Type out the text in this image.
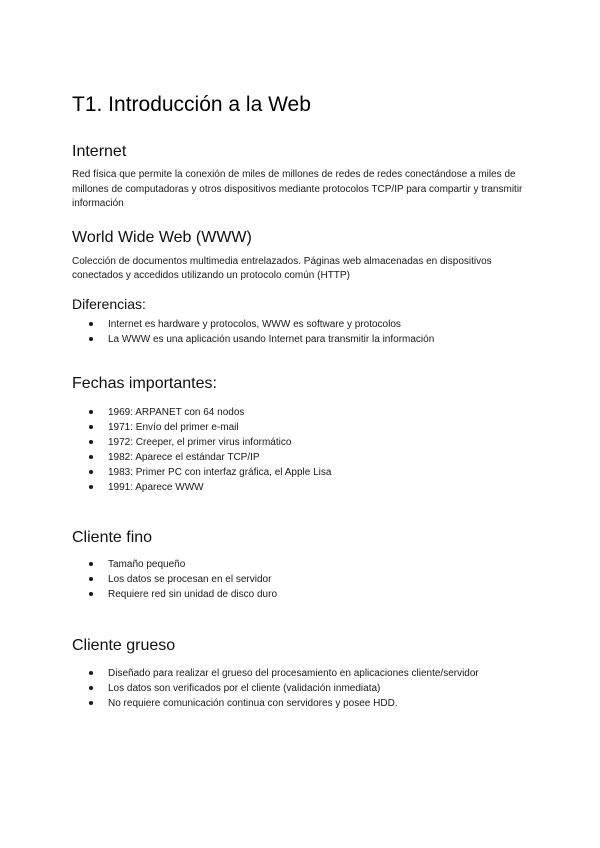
T1. Introducción a la Web
Internet

Red física que permite la conexión de miles de millones de redes de redes conectándose a miles de millones de computadoras y otros dispositivos mediante protocolos TCP/IP para compartir y transmitir información

World Wide Web (WWW)

Colección de documentos multimedia entrelazados. Páginas web almacenadas en dispositivos conectados y accedidos utilizando un protocolo común (HTTP)

Diferencias:
Internet es hardware y protocolos, WWW es software y protocolos
La WWW es una aplicación usando Internet para transmitir la información
Fechas importantes:
1969: ARPANET con 64 nodos
1971: Envío del primer e-mail
1972: Creeper, el primer virus informático
1982: Aparece el estándar TCP/IP
1983: Primer PC con interfaz gráfica, el Apple Lisa
1991: Aparece WWW
Cliente fino
Tamaño pequeño
Los datos se procesan en el servidor
Requiere red sin unidad de disco duro
Cliente grueso
Diseñado para realizar el grueso del procesamiento en aplicaciones cliente/servidor
Los datos son verificados por el cliente (validación inmediata)
No requiere comunicación continua con servidores y posee HDD.
